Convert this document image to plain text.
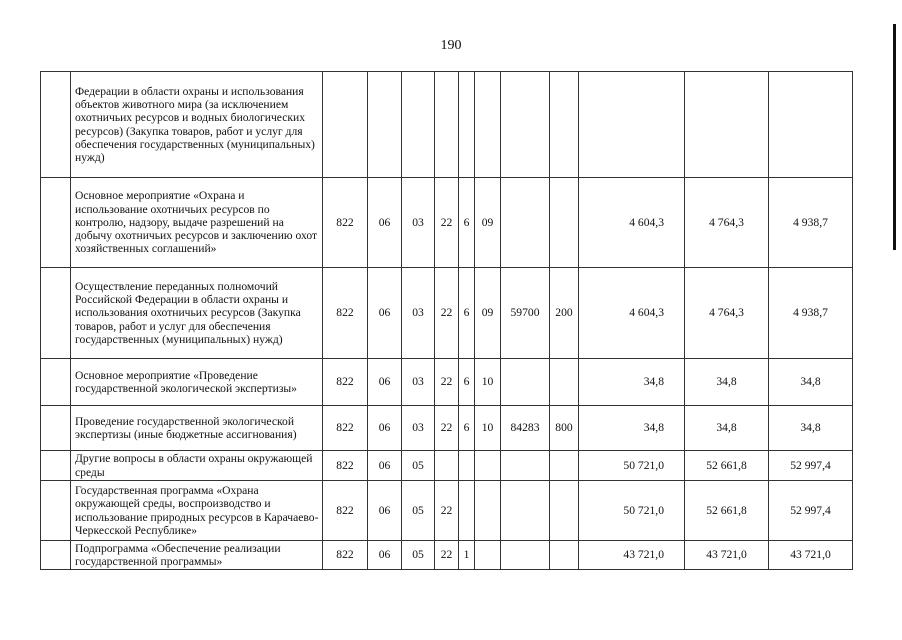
190
	Федерации в области охраны и использования объектов животного мира (за исключением охотничьих ресурсов и водных биологических ресурсов) (Закупка товаров, работ и услуг для обеспечения государственных (муниципальных) нужд)											
	Основное мероприятие «Охрана и использование охотничьих ресурсов по контролю, надзору, выдаче разрешений на добычу охотничьих ресурсов и заключению охот хозяйственных соглашений»	822	06	03	22	6	09			4 604,3	4 764,3	4 938,7
	Осуществление переданных полномочий Российской Федерации в области охраны и использования охотничьих ресурсов (Закупка товаров, работ и услуг для обеспечения государственных (муниципальных) нужд)	822	06	03	22	6	09	59700	200	4 604,3	4 764,3	4 938,7
	Основное мероприятие «Проведение государственной экологической экспертизы»	822	06	03	22	6	10			34,8	34,8	34,8
	Проведение государственной экологической экспертизы (иные бюджетные ассигнования)	822	06	03	22	6	10	84283	800	34,8	34,8	34,8
	Другие вопросы в области охраны окружающей среды	822	06	05						50 721,0	52 661,8	52 997,4
	Государственная программа «Охрана окружающей среды, воспроизводство и использование природных ресурсов в Карачаево-Черкесской Республике»	822	06	05	22					50 721,0	52 661,8	52 997,4
	Подпрограмма «Обеспечение реализации государственной программы»	822	06	05	22	1				43 721,0	43 721,0	43 721,0
